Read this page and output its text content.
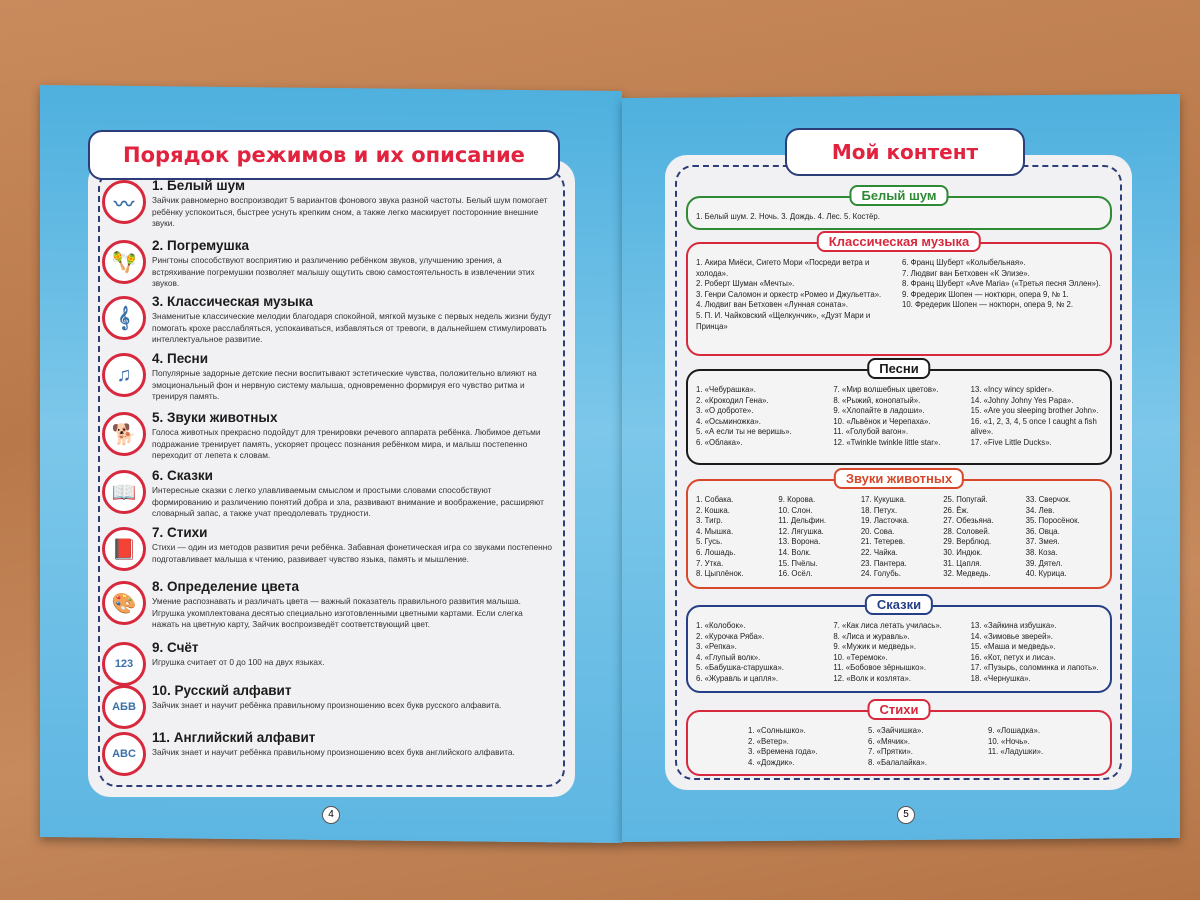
Порядок режимов и их описание	Мой контент
〰
1. Белый шум
Зайчик равномерно воспроизводит 5 вариантов фонового звука разной частоты. Белый шум помогает ребёнку успокоиться, быстрее уснуть крепким сном, а также легко маскирует посторонние внешние звуки.
🪇
2. Погремушка
Рингтоны способствуют восприятию и различению ребёнком звуков, улучшению зрения, а встряхивание погремушки позволяет малышу ощутить свою самостоятельность в извлечении этих звуков.
𝄞
3. Классическая музыка
Знаменитые классические мелодии благодаря спокойной, мягкой музыке с первых недель жизни будут помогать крохе расслабляться, успокаиваться, избавляться от тревоги, в дальнейшем стимулировать интеллектуальное развитие.
♫
4. Песни
Популярные задорные детские песни воспитывают эстетические чувства, положительно влияют на эмоциональный фон и нервную систему малыша, одновременно формируя его чувство ритма и тренируя память.
🐕
5. Звуки животных
Голоса животных прекрасно подойдут для тренировки речевого аппарата ребёнка. Любимое детьми подражание тренирует память, ускоряет процесс познания ребёнком мира, и малыш постепенно переходит от лепета к словам.
📖
6. Сказки
Интересные сказки с легко улавливаемым смыслом и простыми словами способствуют формированию и различению понятий добра и зла, развивают внимание и воображение, расширяют словарный запас, а также учат преодолевать трудности.
📕
7. Стихи
Стихи — один из методов развития речи ребёнка. Забавная фонетическая игра со звуками постепенно подготавливает малыша к чтению, развивает чувство языка, память и мышление.
🎨
8. Определение цвета
Умение распознавать и различать цвета — важный показатель правильного развития малыша. Игрушка укомплектована десятью специально изготовленными цветными картами. Если слегка нажать на цветную карту, Зайчик воспроизведёт соответствующий цвет.
123
9. Счёт
Игрушка считает от 0 до 100 на двух языках.
АБВ
10. Русский алфавит
Зайчик знает и научит ребёнка правильному произношению всех букв русского алфавита.
ABC
11. Английский алфавит
Зайчик знает и научит ребёнка правильному произношению всех букв английского алфавита.
Белый шум
1. Белый шум. 2. Ночь. 3. Дождь. 4. Лес. 5. Костёр.
Классическая музыка
1. Акира Миёси, Сигето Мори «Посреди ветра и холода».
2. Роберт Шуман «Мечты».
3. Генри Саломон и оркестр «Ромео и Джульетта».
4. Людвиг ван Бетховен «Лунная соната».
5. П. И. Чайковский «Щелкунчик», «Дуэт Мари и Принца»
6. Франц Шуберт «Колыбельная».
7. Людвиг ван Бетховен «К Элизе».
8. Франц Шуберт «Ave Maria» («Третья песня Эллен»).
9. Фредерик Шопен — ноктюрн, опера 9, № 1.
10. Фредерик Шопен — ноктюрн, опера 9, № 2.
Песни
1. «Чебурашка».
2. «Крокодил Гена».
3. «О доброте».
4. «Осьминожка».
5. «А если ты не веришь».
6. «Облака».
7. «Мир волшебных цветов».
8. «Рыжий, конопатый».
9. «Хлопайте в ладоши».
10. «Львёнок и Черепаха».
11. «Голубой вагон».
12. «Twinkle twinkle little star».
13. «Incy wincy spider».
14. «Johny Johny Yes Papa».
15. «Are you sleeping brother John».
16. «1, 2, 3, 4, 5 once I caught a fish alive».
17. «Five Little Ducks».
Звуки животных
1. Собака.
2. Кошка.
3. Тигр.
4. Мышка.
5. Гусь.
6. Лошадь.
7. Утка.
8. Цыплёнок.
9. Корова.
10. Слон.
11. Дельфин.
12. Лягушка.
13. Ворона.
14. Волк.
15. Пчёлы.
16. Осёл.
17. Кукушка.
18. Петух.
19. Ласточка.
20. Сова.
21. Тетерев.
22. Чайка.
23. Пантера.
24. Голубь.
25. Попугай.
26. Ёж.
27. Обезьяна.
28. Соловей.
29. Верблюд.
30. Индюк.
31. Цапля.
32. Медведь.
33. Сверчок.
34. Лев.
35. Поросёнок.
36. Овца.
37. Змея.
38. Коза.
39. Дятел.
40. Курица.
Сказки
1. «Колобок».
2. «Курочка Ряба».
3. «Репка».
4. «Глупый волк».
5. «Бабушка-старушка».
6. «Журавль и цапля».
7. «Как лиса летать училась».
8. «Лиса и журавль».
9. «Мужик и медведь».
10. «Теремок».
11. «Бобовое зёрнышко».
12. «Волк и козлята».
13. «Зайкина избушка».
14. «Зимовье зверей».
15. «Маша и медведь».
16. «Кот, петух и лиса».
17. «Пузырь, соломинка и лапоть».
18. «Чернушка».
Стихи
1. «Солнышко».
2. «Ветер».
3. «Времена года».
4. «Дождик».
5. «Зайчишка».
6. «Мячик».
7. «Прятки».
8. «Балалайка».
9. «Лошадка».
10. «Ночь».
11. «Ладушки».
4	5
